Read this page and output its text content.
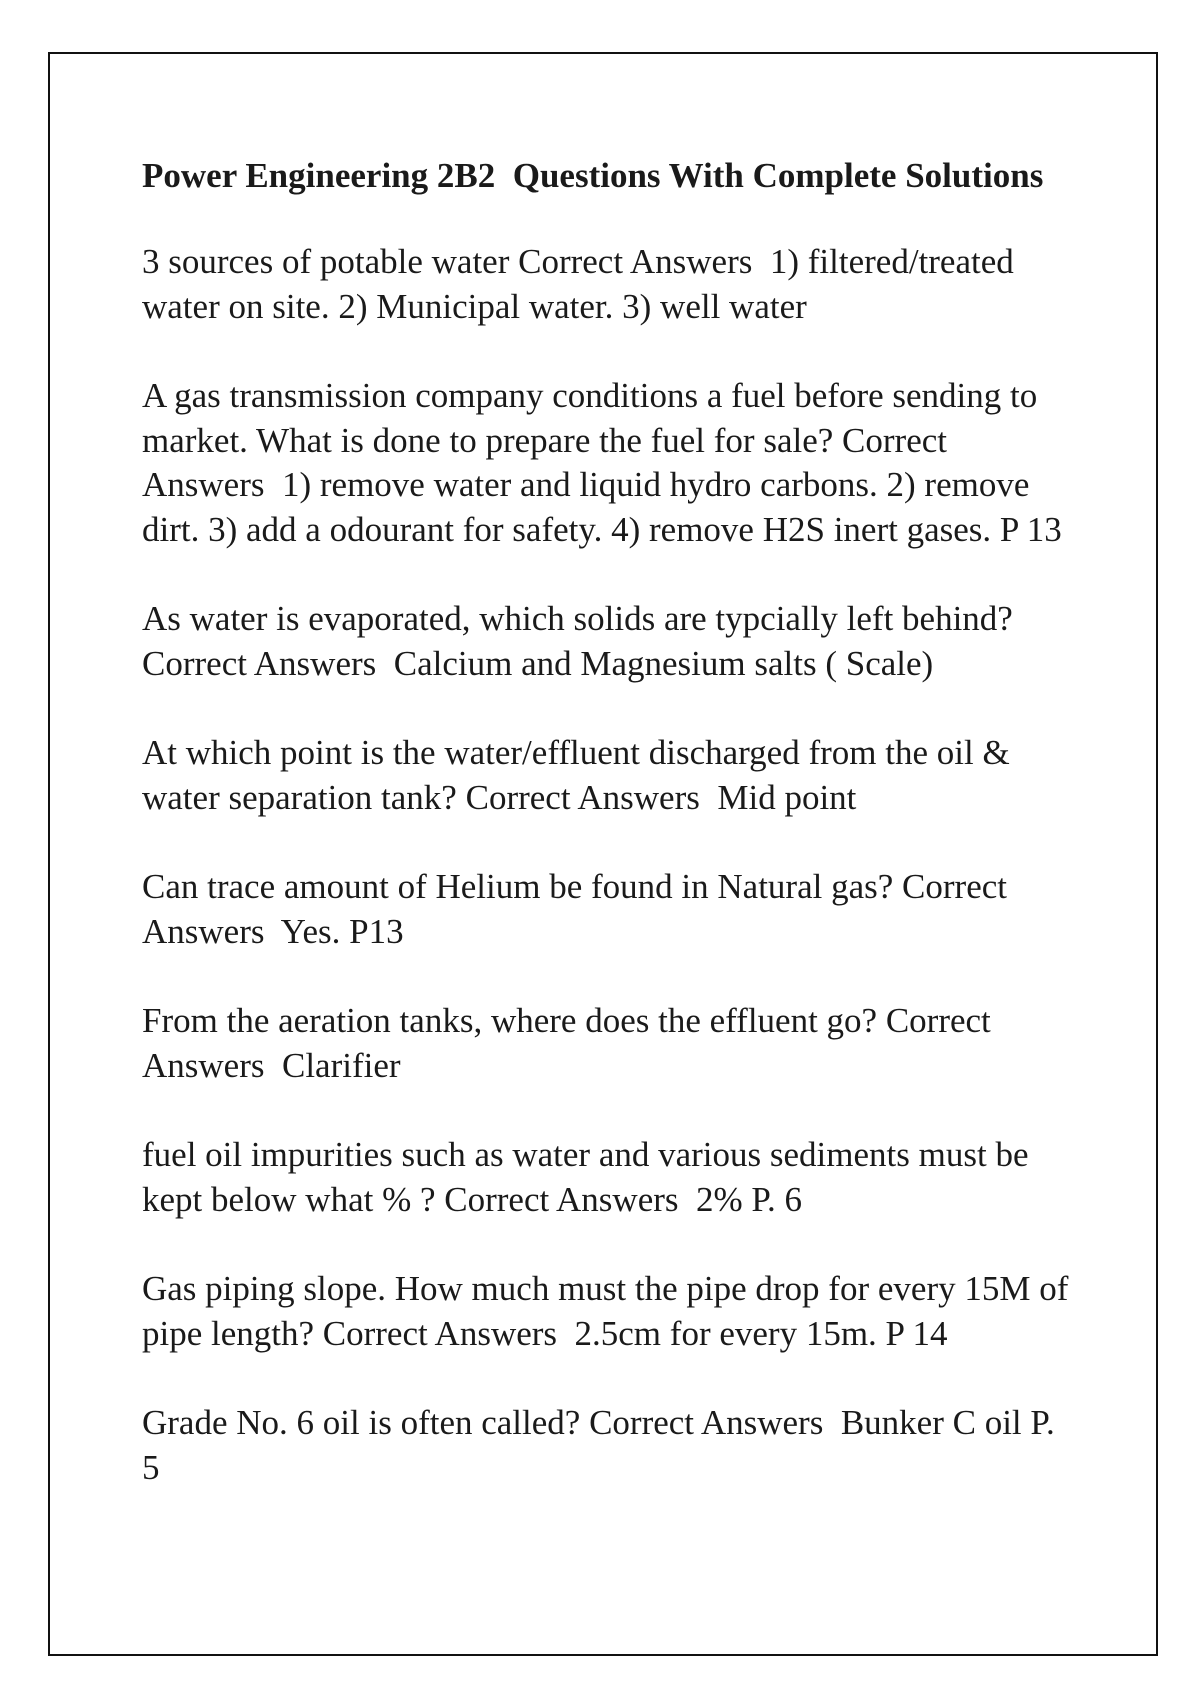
Power Engineering 2B2  Questions With Complete Solutions

3 sources of potable water Correct Answers  1) filtered/treated water on site. 2) Municipal water. 3) well water

A gas transmission company conditions a fuel before sending to market. What is done to prepare the fuel for sale? Correct Answers  1) remove water and liquid hydro carbons. 2) remove dirt. 3) add a odourant for safety. 4) remove H2S inert gases. P 13

As water is evaporated, which solids are typcially left behind? Correct Answers  Calcium and Magnesium salts ( Scale)

At which point is the water/effluent discharged from the oil & water separation tank? Correct Answers  Mid point

Can trace amount of Helium be found in Natural gas? Correct Answers  Yes. P13

From the aeration tanks, where does the effluent go? Correct Answers  Clarifier

fuel oil impurities such as water and various sediments must be kept below what % ? Correct Answers  2% P. 6

Gas piping slope. How much must the pipe drop for every 15M of pipe length? Correct Answers  2.5cm for every 15m. P 14

Grade No. 6 oil is often called? Correct Answers  Bunker C oil P. 5
